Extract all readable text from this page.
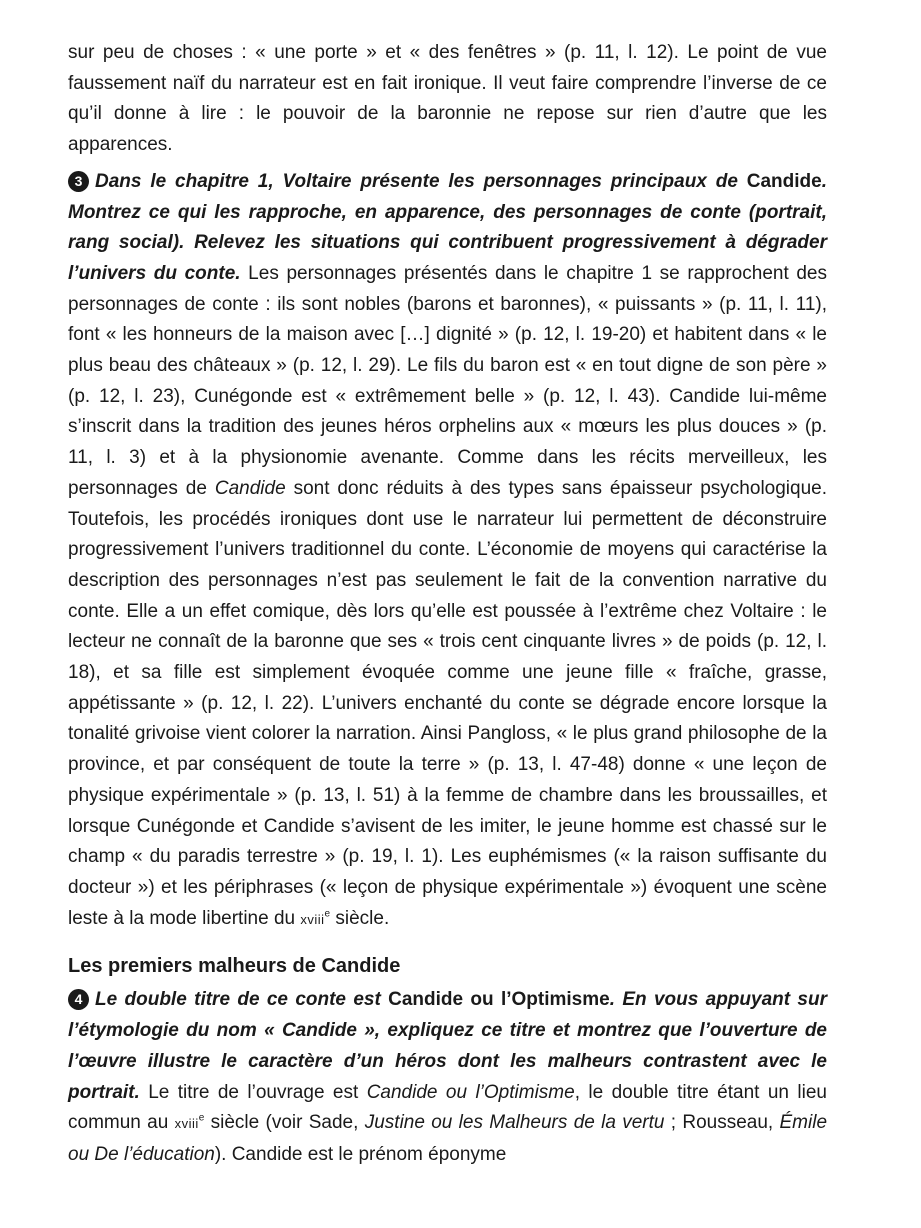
sur peu de choses : « une porte » et « des fenêtres » (p. 11, l. 12). Le point de vue faussement naïf du narrateur est en fait ironique. Il veut faire comprendre l’inverse de ce qu’il donne à lire : le pouvoir de la baronnie ne repose sur rien d’autre que les apparences.

3 Dans le chapitre 1, Voltaire présente les personnages principaux de Candide. Montrez ce qui les rapproche, en apparence, des personnages de conte (portrait, rang social). Relevez les situations qui contribuent progressivement à dégrader l’univers du conte. Les personnages présentés dans le chapitre 1 se rapprochent des personnages de conte : ils sont nobles (barons et baronnes), « puissants » (p. 11, l. 11), font « les honneurs de la maison avec […] dignité » (p. 12, l. 19-20) et habitent dans « le plus beau des châteaux » (p. 12, l. 29). Le fils du baron est « en tout digne de son père » (p. 12, l. 23), Cunégonde est « extrêmement belle » (p. 12, l. 43). Candide lui-même s’inscrit dans la tradition des jeunes héros orphelins aux « mœurs les plus douces » (p. 11, l. 3) et à la physionomie avenante. Comme dans les récits merveilleux, les personnages de Candide sont donc réduits à des types sans épaisseur psychologique. Toutefois, les procédés ironiques dont use le narrateur lui permettent de déconstruire progressivement l’univers traditionnel du conte. L’économie de moyens qui caractérise la description des personnages n’est pas seulement le fait de la convention narrative du conte. Elle a un effet comique, dès lors qu’elle est poussée à l’extrême chez Voltaire : le lecteur ne connaît de la baronne que ses « trois cent cinquante livres » de poids (p. 12, l. 18), et sa fille est simplement évoquée comme une jeune fille « fraîche, grasse, appétissante » (p. 12, l. 22). L’univers enchanté du conte se dégrade encore lorsque la tonalité grivoise vient colorer la narration. Ainsi Pangloss, « le plus grand philosophe de la province, et par conséquent de toute la terre » (p. 13, l. 47-48) donne « une leçon de physique expérimentale » (p. 13, l. 51) à la femme de chambre dans les broussailles, et lorsque Cunégonde et Candide s’avisent de les imiter, le jeune homme est chassé sur le champ « du paradis terrestre » (p. 19, l. 1). Les euphémismes (« la raison suffisante du docteur ») et les périphrases (« leçon de physique expérimentale ») évoquent une scène leste à la mode libertine du xviii$^e$ siècle.

Les premiers malheurs de Candide

4 Le double titre de ce conte est Candide ou l’Optimisme. En vous appuyant sur l’étymologie du nom « Candide », expliquez ce titre et montrez que l’ouverture de l’œuvre illustre le caractère d’un héros dont les malheurs contrastent avec le portrait. Le titre de l’ouvrage est Candide ou l’Optimisme, le double titre étant un lieu commun au xviii$^e$ siècle (voir Sade, Justine ou les Malheurs de la vertu ; Rousseau, Émile ou De l’éducation). Candide est le prénom éponyme
